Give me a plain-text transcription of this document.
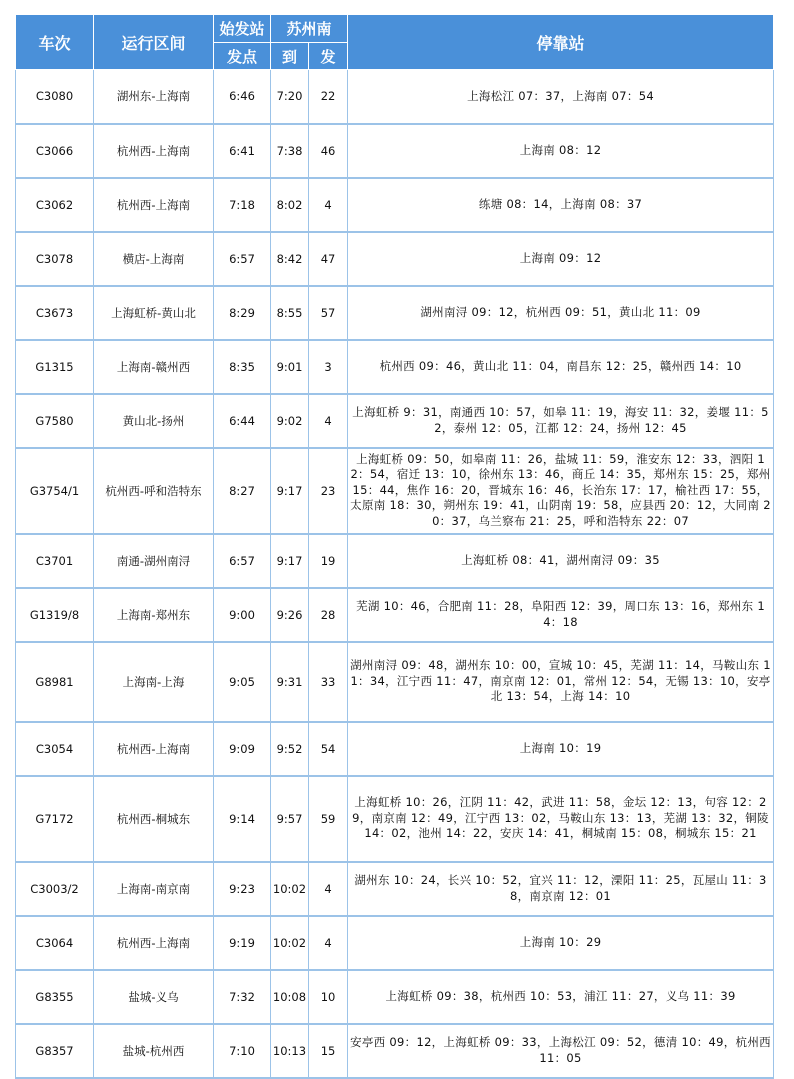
车次	运行区间	始发站	苏州南		停靠站
		发点	到	发	
C3080	湖州东-上海南	6:46	7:20	22	上海松江 07：37，上海南 07：54
C3066	杭州西-上海南	6:41	7:38	46	上海南 08：12
C3062	杭州西-上海南	7:18	8:02	4	练塘 08：14，上海南 08：37
C3078	横店-上海南	6:57	8:42	47	上海南 09：12
C3673	上海虹桥-黄山北	8:29	8:55	57	湖州南浔 09：12，杭州西 09：51，黄山北 11：09
G1315	上海南-赣州西	8:35	9:01	3	杭州西 09：46，黄山北 11：04，南昌东 12：25，赣州西 14：10
G7580	黄山北-扬州	6:44	9:02	4	上海虹桥 9：31，南通西 10：57，如皋 11：19，海安 11：32，姜堰 11：52，泰州 12：05，江都 12：24，扬州 12：45
G3754/1	杭州西-呼和浩特东	8:27	9:17	23	上海虹桥 09：50，如皋南 11：26，盐城 11：59，淮安东 12：33，泗阳 12：54，宿迁 13：10，徐州东 13：46，商丘 14：35，郑州东 15：25，郑州 15：44，焦作 16：20，晋城东 16：46，长治东 17：17，榆社西 17：55，太原南 18：30，朔州东 19：41，山阴南 19：58，应县西 20：12，大同南 20：37，乌兰察布 21：25，呼和浩特东 22：07
C3701	南通-湖州南浔	6:57	9:17	19	上海虹桥 08：41，湖州南浔 09：35
G1319/8	上海南-郑州东	9:00	9:26	28	芜湖 10：46，合肥南 11：28，阜阳西 12：39，周口东 13：16，郑州东 14：18
G8981	上海南-上海	9:05	9:31	33	湖州南浔 09：48，湖州东 10：00，宣城 10：45，芜湖 11：14，马鞍山东 11：34，江宁西 11：47，南京南 12：01，常州 12：54，无锡 13：10，安亭北 13：54，上海 14：10
C3054	杭州西-上海南	9:09	9:52	54	上海南 10：19
G7172	杭州西-桐城东	9:14	9:57	59	上海虹桥 10：26，江阴 11：42，武进 11：58，金坛 12：13，句容 12：29，南京南 12：49，江宁西 13：02，马鞍山东 13：13，芜湖 13：32，铜陵 14：02，池州 14：22，安庆 14：41，桐城南 15：08，桐城东 15：21
C3003/2	上海南-南京南	9:23	10:02	4	湖州东 10：24，长兴 10：52，宜兴 11：12，溧阳 11：25，瓦屋山 11：38，南京南 12：01
C3064	杭州西-上海南	9:19	10:02	4	上海南 10：29
G8355	盐城-义乌	7:32	10:08	10	上海虹桥 09：38，杭州西 10：53，浦江 11：27，义乌 11：39
G8357	盐城-杭州西	7:10	10:13	15	安亭西 09：12，上海虹桥 09：33，上海松江 09：52，德清 10：49，杭州西 11：05
